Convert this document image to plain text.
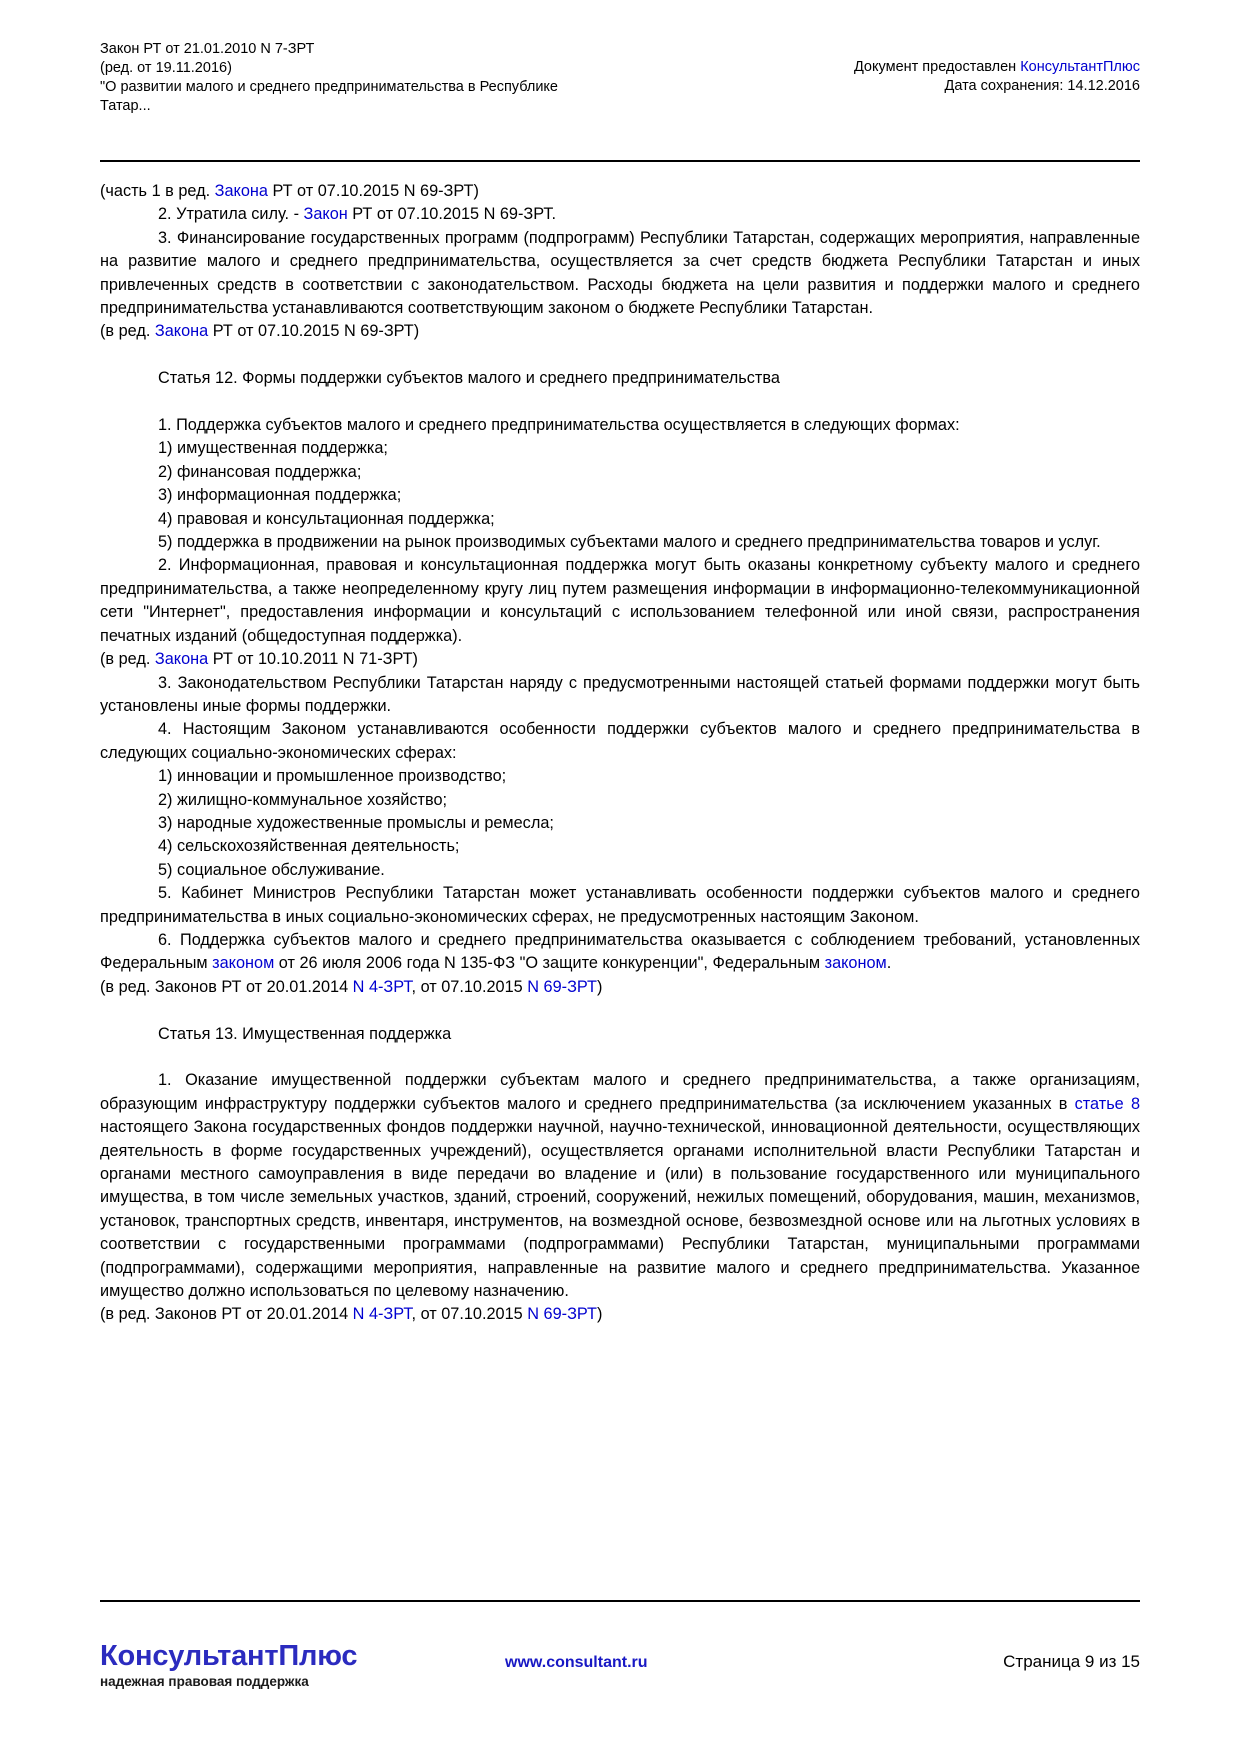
Закон РТ от 21.01.2010 N 7-ЗРТ
(ред. от 19.11.2016)
"О развитии малого и среднего предпринимательства в Республике
Татар...
Документ предоставлен КонсультантПлюс
Дата сохранения: 14.12.2016

(часть 1 в ред. Закона РТ от 07.10.2015 N 69-ЗРТ)

2. Утратила силу. - Закон РТ от 07.10.2015 N 69-ЗРТ.

3. Финансирование государственных программ (подпрограмм) Республики Татарстан, содержащих мероприятия, направленные на развитие малого и среднего предпринимательства, осуществляется за счет средств бюджета Республики Татарстан и иных привлеченных средств в соответствии с законодательством. Расходы бюджета на цели развития и поддержки малого и среднего предпринимательства устанавливаются соответствующим законом о бюджете Республики Татарстан.

(в ред. Закона РТ от 07.10.2015 N 69-ЗРТ)

Статья 12. Формы поддержки субъектов малого и среднего предпринимательства

1. Поддержка субъектов малого и среднего предпринимательства осуществляется в следующих формах:

1) имущественная поддержка;

2) финансовая поддержка;

3) информационная поддержка;

4) правовая и консультационная поддержка;

5) поддержка в продвижении на рынок производимых субъектами малого и среднего предпринимательства товаров и услуг.

2. Информационная, правовая и консультационная поддержка могут быть оказаны конкретному субъекту малого и среднего предпринимательства, а также неопределенному кругу лиц путем размещения информации в информационно-телекоммуникационной сети "Интернет", предоставления информации и консультаций с использованием телефонной или иной связи, распространения печатных изданий (общедоступная поддержка).

(в ред. Закона РТ от 10.10.2011 N 71-ЗРТ)

3. Законодательством Республики Татарстан наряду с предусмотренными настоящей статьей формами поддержки могут быть установлены иные формы поддержки.

4. Настоящим Законом устанавливаются особенности поддержки субъектов малого и среднего предпринимательства в следующих социально-экономических сферах:

1) инновации и промышленное производство;

2) жилищно-коммунальное хозяйство;

3) народные художественные промыслы и ремесла;

4) сельскохозяйственная деятельность;

5) социальное обслуживание.

5. Кабинет Министров Республики Татарстан может устанавливать особенности поддержки субъектов малого и среднего предпринимательства в иных социально-экономических сферах, не предусмотренных настоящим Законом.

6. Поддержка субъектов малого и среднего предпринимательства оказывается с соблюдением требований, установленных Федеральным законом от 26 июля 2006 года N 135-ФЗ "О защите конкуренции", Федеральным законом.

(в ред. Законов РТ от 20.01.2014 N 4-ЗРТ, от 07.10.2015 N 69-ЗРТ)

Статья 13. Имущественная поддержка

1. Оказание имущественной поддержки субъектам малого и среднего предпринимательства, а также организациям, образующим инфраструктуру поддержки субъектов малого и среднего предпринимательства (за исключением указанных в статье 8 настоящего Закона государственных фондов поддержки научной, научно-технической, инновационной деятельности, осуществляющих деятельность в форме государственных учреждений), осуществляется органами исполнительной власти Республики Татарстан и органами местного самоуправления в виде передачи во владение и (или) в пользование государственного или муниципального имущества, в том числе земельных участков, зданий, строений, сооружений, нежилых помещений, оборудования, машин, механизмов, установок, транспортных средств, инвентаря, инструментов, на возмездной основе, безвозмездной основе или на льготных условиях в соответствии с государственными программами (подпрограммами) Республики Татарстан, муниципальными программами (подпрограммами), содержащими мероприятия, направленные на развитие малого и среднего предпринимательства. Указанное имущество должно использоваться по целевому назначению.

(в ред. Законов РТ от 20.01.2014 N 4-ЗРТ, от 07.10.2015 N 69-ЗРТ)

КонсультантПлюс
надежная правовая поддержка
www.consultant.ru	Страница 9 из 15
